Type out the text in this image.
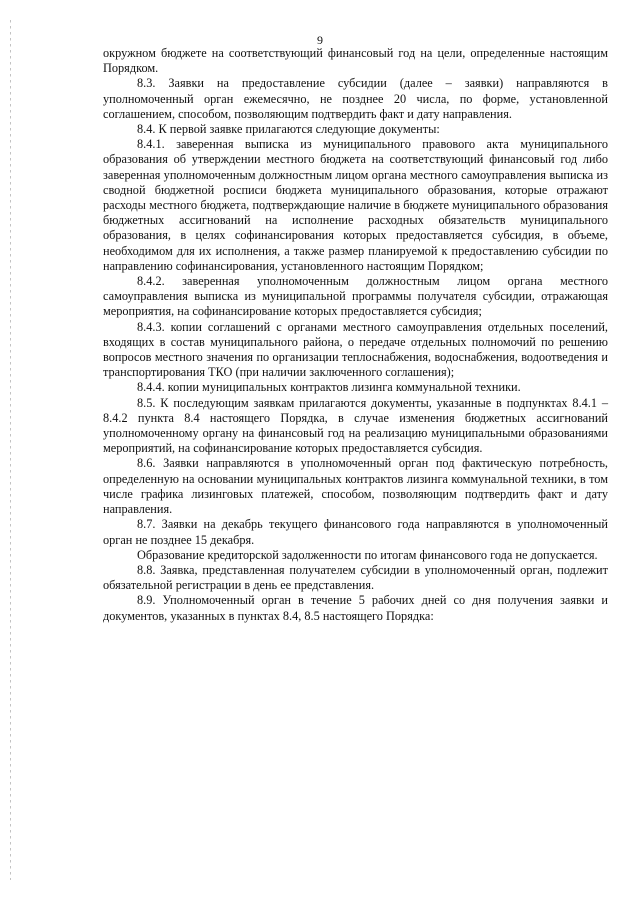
9

окружном бюджете на соответствующий финансовый год на цели, определенные настоящим Порядком.

8.3. Заявки на предоставление субсидии (далее – заявки) направляются в уполномоченный орган ежемесячно, не позднее 20 числа, по форме, установленной соглашением, способом, позволяющим подтвердить факт и дату направления.

8.4. К первой заявке прилагаются следующие документы:

8.4.1. заверенная выписка из муниципального правового акта муниципального образования об утверждении местного бюджета на соответствующий финансовый год либо заверенная уполномоченным должностным лицом органа местного самоуправления выписка из сводной бюджетной росписи бюджета муниципального образования, которые отражают расходы местного бюджета, подтверждающие наличие в бюджете муниципального образования бюджетных ассигнований на исполнение расходных обязательств муниципального образования, в целях софинансирования которых предоставляется субсидия, в объеме, необходимом для их исполнения, а также размер планируемой к предоставлению субсидии по направлению софинансирования, установленного настоящим Порядком;

8.4.2. заверенная уполномоченным должностным лицом органа местного самоуправления выписка из муниципальной программы получателя субсидии, отражающая мероприятия, на софинансирование которых предоставляется субсидия;

8.4.3. копии соглашений с органами местного самоуправления отдельных поселений, входящих в состав муниципального района, о передаче отдельных полномочий по решению вопросов местного значения по организации теплоснабжения, водоснабжения, водоотведения и транспортирования ТКО (при наличии заключенного соглашения);

8.4.4. копии муниципальных контрактов лизинга коммунальной техники.

8.5. К последующим заявкам прилагаются документы, указанные в подпунктах 8.4.1 – 8.4.2 пункта 8.4 настоящего Порядка, в случае изменения бюджетных ассигнований уполномоченному органу на финансовый год на реализацию муниципальными образованиями мероприятий, на софинансирование которых предоставляется субсидия.

8.6. Заявки направляются в уполномоченный орган под фактическую потребность, определенную на основании муниципальных контрактов лизинга коммунальной техники, в том числе графика лизинговых платежей, способом, позволяющим подтвердить факт и дату направления.

8.7. Заявки на декабрь текущего финансового года направляются в уполномоченный орган не позднее 15 декабря.

Образование кредиторской задолженности по итогам финансового года не допускается.

8.8. Заявка, представленная получателем субсидии в уполномоченный орган, подлежит обязательной регистрации в день ее представления.

8.9. Уполномоченный орган в течение 5 рабочих дней со дня получения заявки и документов, указанных в пунктах 8.4, 8.5 настоящего Порядка:
